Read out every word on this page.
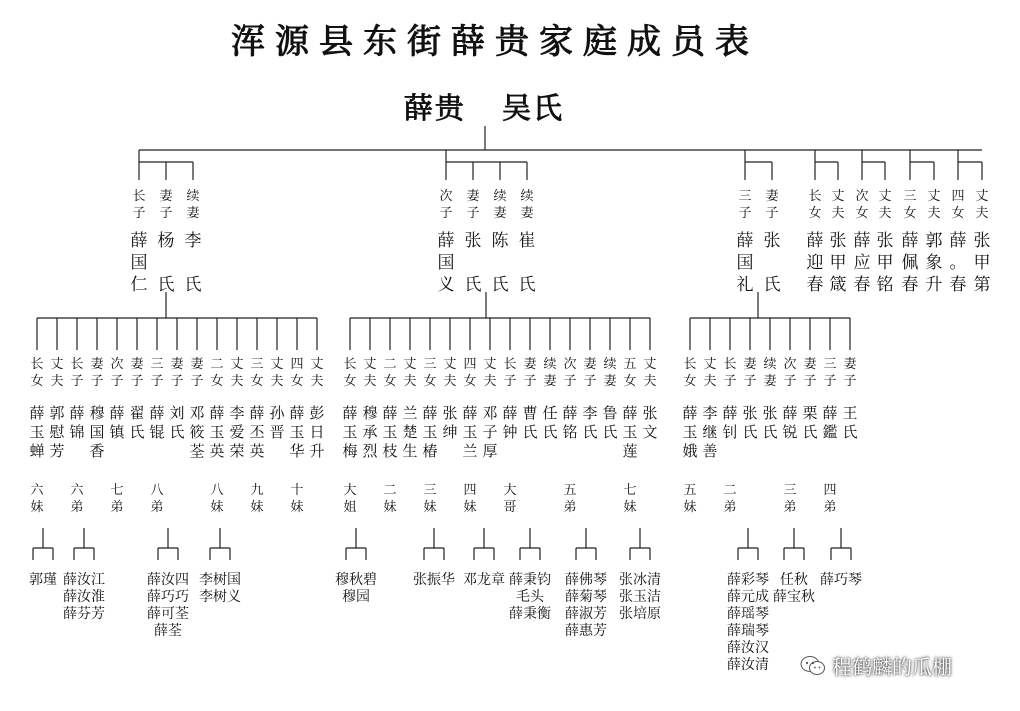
浑源县东街薛贵家庭成员表
薛贵 吴氏
长
子
薛
国
仁
妻
子
杨

氏
续
妻
李

氏
次
子
薛
国
义
妻
子
张

氏
续
妻
陈

氏
续
妻
崔

氏
三
子
薛
国
礼
妻
子
张

氏
长
女
薛
迎
春
丈
夫
张
甲
箴
次
女
薛
应
春
丈
夫
张
甲
铭
三
女
薛
佩
春
丈
夫
郭
象
升
四
女
薛
。
春
丈
夫
张
甲
第
长
女
薛
玉
蝉
丈
夫
郭
慰
芳
长
子
薛
锦
妻
子
穆
国
香
次
子
薛
镇
妻
子
翟
氏
三
子
薛
锟
妻
子
刘
氏
妻
子
邓
筱
荃
二
女
薛
玉
英
丈
夫
李
爱
荣
三
女
薛
丕
英
丈
夫
孙
晋
四
女
薛
玉
华
丈
夫
彭
日
升
长
女
薛
玉
梅
丈
夫
穆
承
烈
二
女
薛
玉
枝
丈
夫
兰
楚
生
三
女
薛
玉
椿
丈
夫
张
绅
四
女
薛
玉
兰
丈
夫
邓
子
厚
长
子
薛
钟
妻
子
曹
氏
续
妻
任
氏
次
子
薛
铭
妻
子
李
氏
续
妻
鲁
氏
五
女
薛
玉
莲
丈
夫
张
文
长
女
薛
玉
娥
丈
夫
李
继
善
长
子
薛
钊
妻
子
张
氏
续
妻
张
氏
次
子
薛
锐
妻
子
栗
氏
三
子
薛
鑑
妻
子
王
氏
六
妹
六
弟
七
弟
八
弟
八
妹
九
妹
十
妹
大
姐
二
妹
三
妹
四
妹
大
哥
五
弟
七
妹
五
妹
二
弟
三
弟
四
弟
郭瑾 薛汝江
薛汝淮
薛芬芳
薛汝四
薛巧巧
薛可荃
薛荃
李树国
李树义
穆秋碧
穆园
张振华 邓龙章 薛秉钧
毛头
薛秉衡
薛佛琴
薛菊琴
薛淑芳
薛惠芳
张冰清
张玉洁
张培原
薛彩琴
薛元成
薛瑶琴
薛瑞琴
薛汝汉
薛汝清
任秋
薛宝秋
薛巧琴
程鹤麟的瓜棚
